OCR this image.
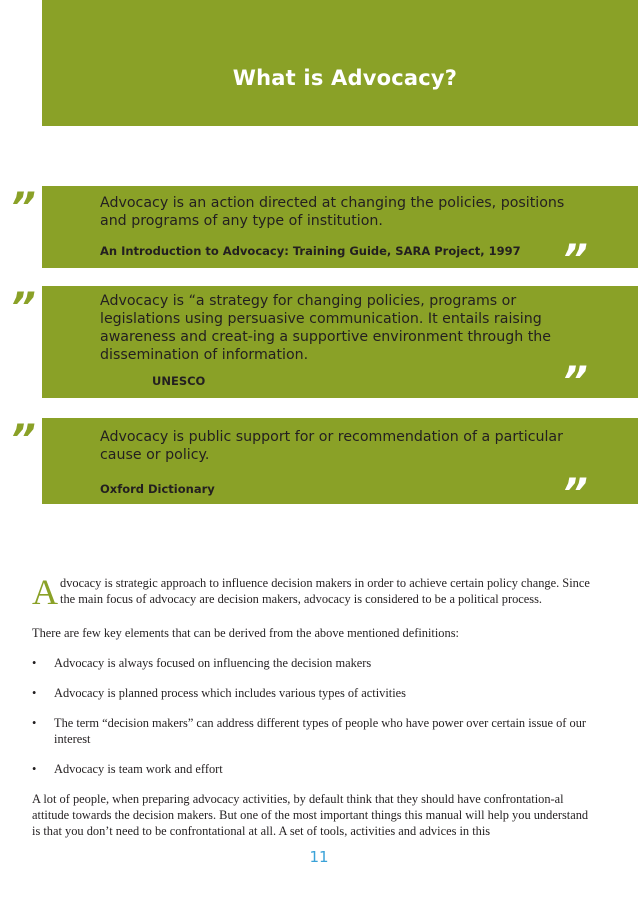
What is Advocacy?
”	Advocacy is an action directed at changing the policies, positions and programs of any type of institution.
An Introduction to Advocacy: Training Guide, SARA Project, 1997 ”
”	Advocacy is “a strategy for changing policies, programs or legislations using persuasive communication. It entails raising awareness and creat-ing a supportive environment through the dissemination of information.
UNESCO	”
”	Advocacy is public support for or recommendation of a particular cause or policy.
Oxford Dictionary	”
A dvocacy is strategic approach to influence decision makers in order to achieve certain policy change. Since the main focus of advocacy are decision makers, advocacy is considered to be a political process.

There are few key elements that can be derived from the above mentioned definitions:

• Advocacy is always focused on influencing the decision makers
• Advocacy is planned process which includes various types of activities
• The term “decision makers” can address different types of people who have power over certain issue of our interest
• Advocacy is team work and effort

A lot of people, when preparing advocacy activities, by default think that they should have confrontation-al attitude towards the decision makers. But one of the most important things this manual will help you understand is that you don’t need to be confrontational at all. A set of tools, activities and advices in this

11
